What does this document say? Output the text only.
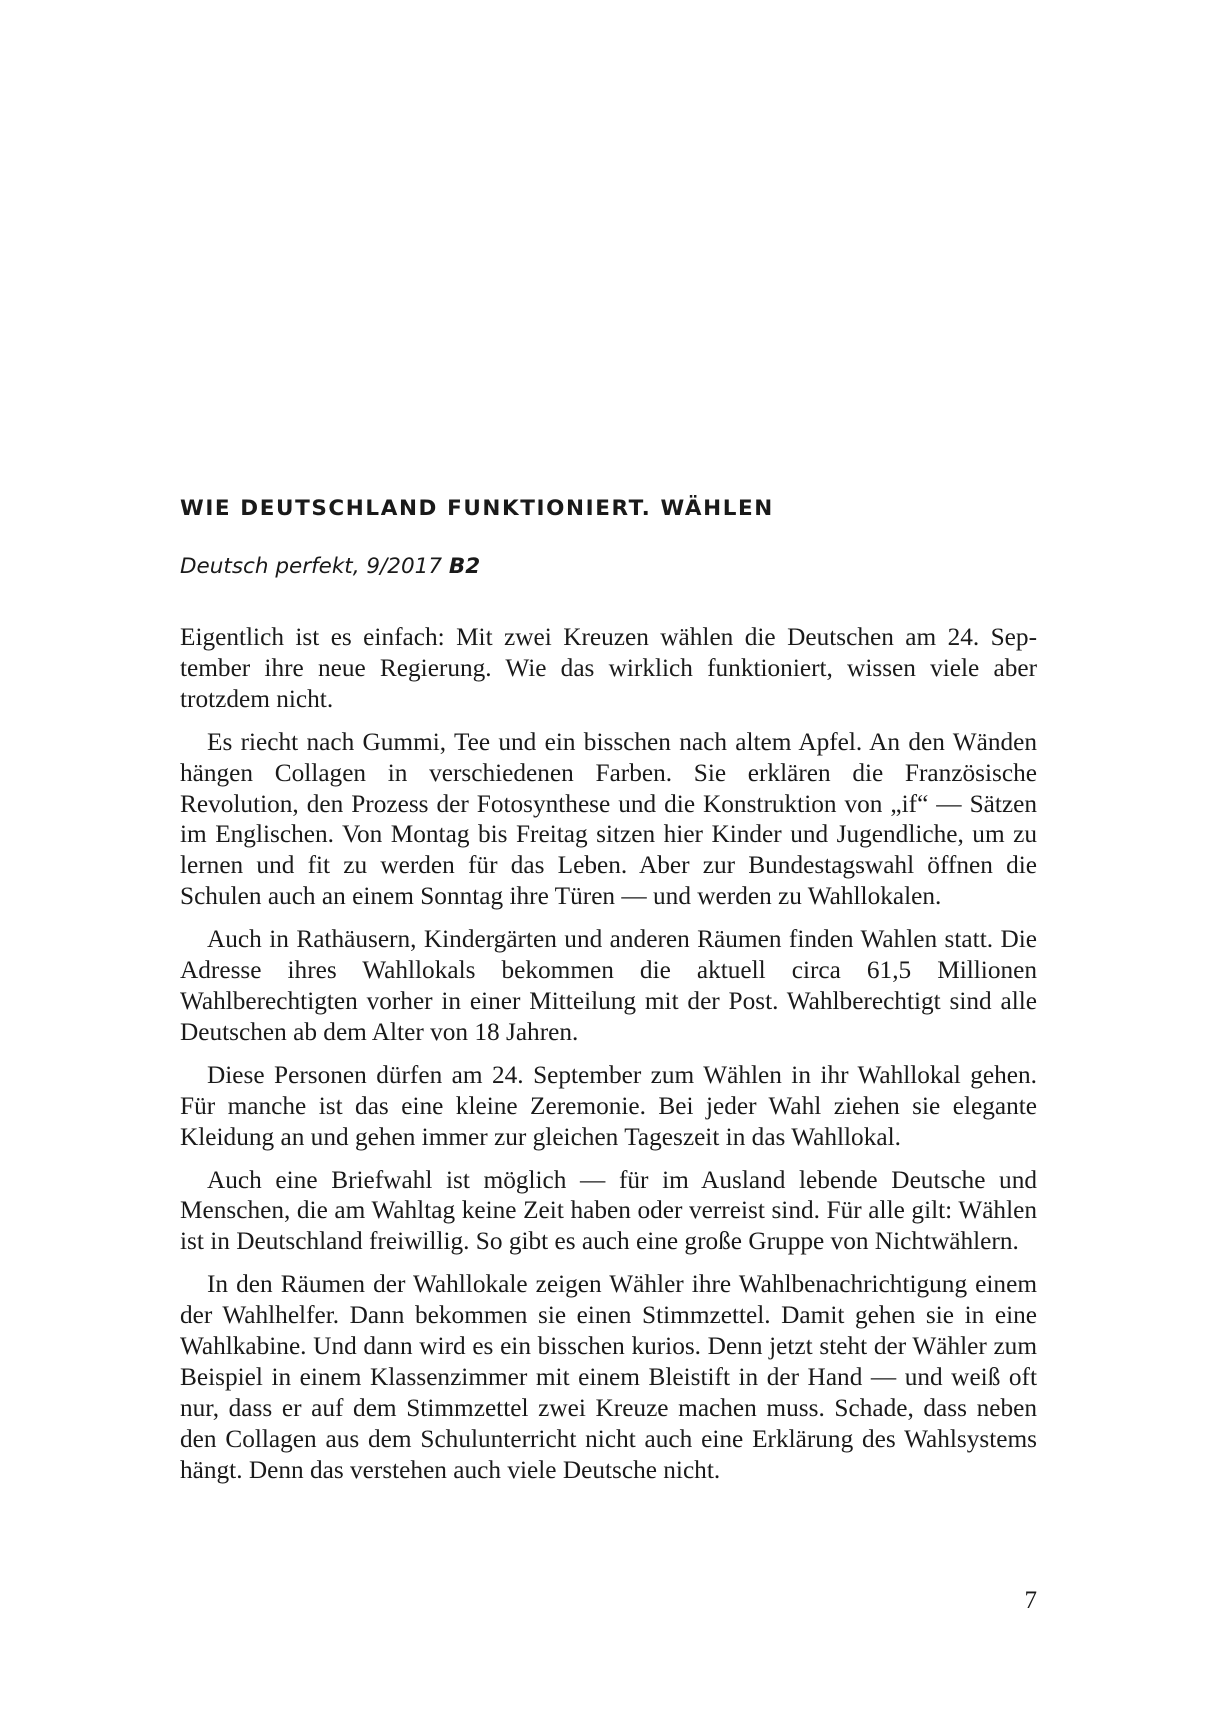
WIE DEUTSCHLAND FUNKTIONIERT. WÄHLEN

Deutsch perfekt, 9/2017 B2

Eigentlich ist es einfach: Mit zwei Kreuzen wählen die Deutschen am 24. September ihre neue Regierung. Wie das wirklich funktioniert, wissen viele aber trotzdem nicht.

Es riecht nach Gummi, Tee und ein bisschen nach altem Apfel. An den Wänden hängen Collagen in verschiedenen Farben. Sie erklären die Französische Revolution, den Prozess der Fotosynthese und die Konstruktion von „if“ — Sätzen im Englischen. Von Montag bis Freitag sitzen hier Kinder und Jugendliche, um zu lernen und fit zu werden für das Leben. Aber zur Bundestagswahl öffnen die Schulen auch an einem Sonntag ihre Türen — und werden zu Wahllokalen.

Auch in Rathäusern, Kindergärten und anderen Räumen finden Wahlen statt. Die Adresse ihres Wahllokals bekommen die aktuell circa 61,5 Millionen Wahlberechtigten vorher in einer Mitteilung mit der Post. Wahlberechtigt sind alle Deutschen ab dem Alter von 18 Jahren.

Diese Personen dürfen am 24. September zum Wählen in ihr Wahllokal gehen. Für manche ist das eine kleine Zeremonie. Bei jeder Wahl ziehen sie elegante Kleidung an und gehen immer zur gleichen Tageszeit in das Wahllokal.

Auch eine Briefwahl ist möglich — für im Ausland lebende Deutsche und Menschen, die am Wahltag keine Zeit haben oder verreist sind. Für alle gilt: Wählen ist in Deutschland freiwillig. So gibt es auch eine große Gruppe von Nichtwählern.

In den Räumen der Wahllokale zeigen Wähler ihre Wahlbenachrichtigung einem der Wahlhelfer. Dann bekommen sie einen Stimmzettel. Damit gehen sie in eine Wahlkabine. Und dann wird es ein bisschen kurios. Denn jetzt steht der Wähler zum Beispiel in einem Klassenzimmer mit einem Bleistift in der Hand — und weiß oft nur, dass er auf dem Stimmzettel zwei Kreuze machen muss. Schade, dass neben den Collagen aus dem Schulunterricht nicht auch eine Erklärung des Wahlsystems hängt. Denn das verstehen auch viele Deutsche nicht.

7
